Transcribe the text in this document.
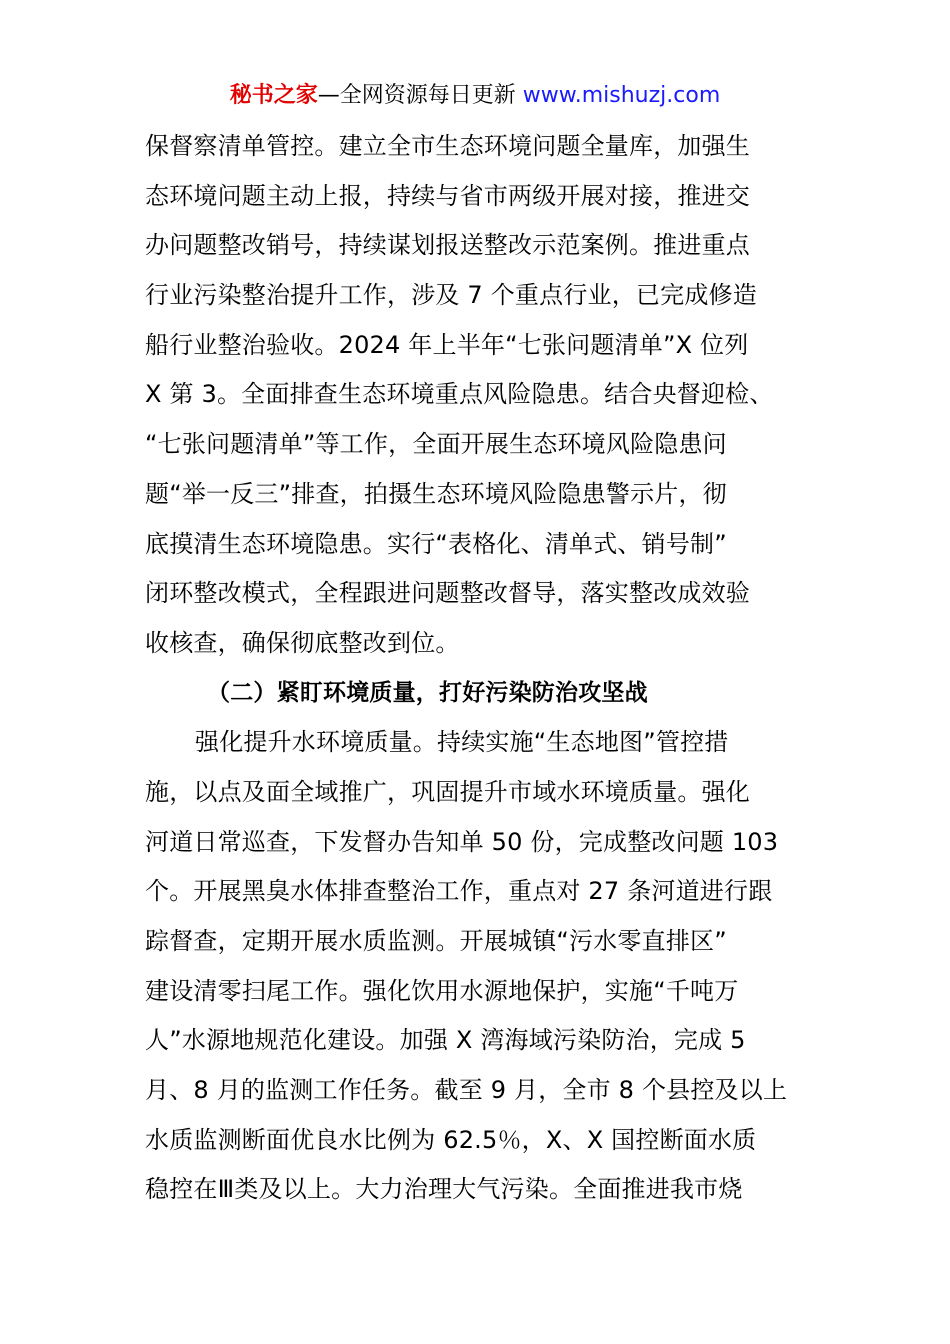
秘书之家—全网资源每日更新 www.mishuzj.com
保督察清单管控。建立全市生态环境问题全量库，加强生
态环境问题主动上报，持续与省市两级开展对接，推进交
办问题整改销号，持续谋划报送整改示范案例。推进重点
行业污染整治提升工作，涉及 7 个重点行业，已完成修造
船行业整治验收。2024 年上半年“七张问题清单”X 位列
X 第 3。全面排查生态环境重点风险隐患。结合央督迎检、
“七张问题清单”等工作，全面开展生态环境风险隐患问
题“举一反三”排查，拍摄生态环境风险隐患警示片，彻
底摸清生态环境隐患。实行“表格化、清单式、销号制”
闭环整改模式，全程跟进问题整改督导，落实整改成效验
收核查，确保彻底整改到位。
（二）紧盯环境质量，打好污染防治攻坚战
强化提升水环境质量。持续实施“生态地图”管控措
施，以点及面全域推广，巩固提升市域水环境质量。强化
河道日常巡查，下发督办告知单 50 份，完成整改问题 103
个。开展黑臭水体排查整治工作，重点对 27 条河道进行跟
踪督查，定期开展水质监测。开展城镇“污水零直排区”
建设清零扫尾工作。强化饮用水源地保护，实施“千吨万
人”水源地规范化建设。加强 X 湾海域污染防治，完成 5
月、8 月的监测工作任务。截至 9 月，全市 8 个县控及以上
水质监测断面优良水比例为 62.5％，X、X 国控断面水质
稳控在Ⅲ类及以上。大力治理大气污染。全面推进我市烧
